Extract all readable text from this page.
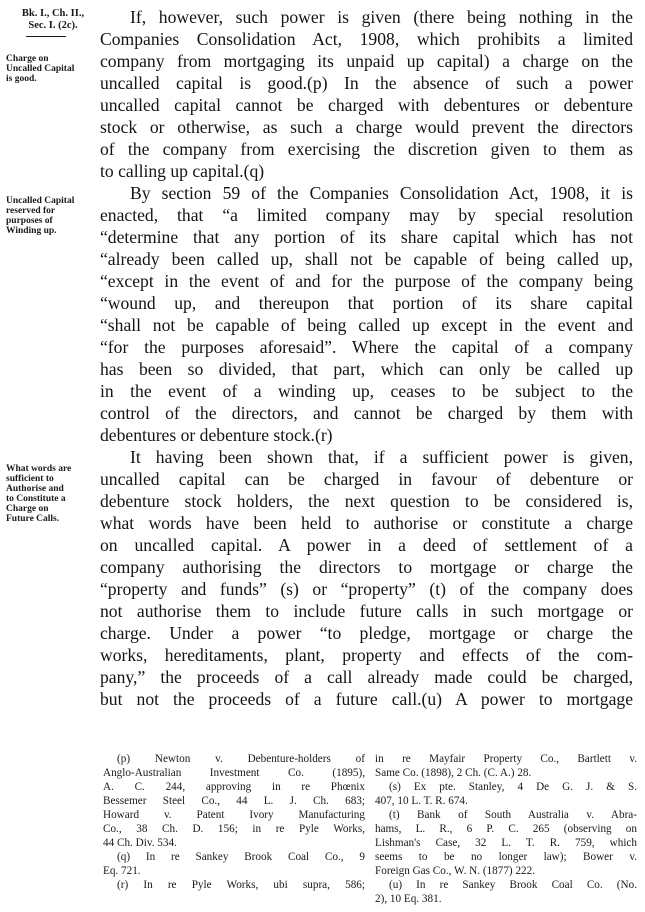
Bk. I., Ch. II.,
Sec. I. (2c).
Charge on
Uncalled Capital
is good.
Uncalled Capital
reserved for
purposes of
Winding up.
What words are
sufficient to
Authorise and
to Constitute a
Charge on
Future Calls.
If, however, such power is given (there being nothing in the
Companies Consolidation Act, 1908, which prohibits a limited
company from mortgaging its unpaid up capital) a charge on the
uncalled capital is good.(p) In the absence of such a power
uncalled capital cannot be charged with debentures or debenture
stock or otherwise, as such a charge would prevent the directors
of the company from exercising the discretion given to them as
to calling up capital.(q)
By section 59 of the Companies Consolidation Act, 1908, it is
enacted, that “a limited company may by special resolution
“determine that any portion of its share capital which has not
“already been called up, shall not be capable of being called up,
“except in the event of and for the purpose of the company being
“wound up, and thereupon that portion of its share capital
“shall not be capable of being called up except in the event and
“for the purposes aforesaid”. Where the capital of a company
has been so divided, that part, which can only be called up
in the event of a winding up, ceases to be subject to the
control of the directors, and cannot be charged by them with
debentures or debenture stock.(r)
It having been shown that, if a sufficient power is given,
uncalled capital can be charged in favour of debenture or
debenture stock holders, the next question to be considered is,
what words have been held to authorise or constitute a charge
on uncalled capital. A power in a deed of settlement of a
company authorising the directors to mortgage or charge the
“property and funds” (s) or “property” (t) of the company does
not authorise them to include future calls in such mortgage or
charge. Under a power “to pledge, mortgage or charge the
works, hereditaments, plant, property and effects of the com-
pany,” the proceeds of a call already made could be charged,
but not the proceeds of a future call.(u) A power to mortgage
(p) Newton v. Debenture-holders of
Anglo-Australian Investment Co. (1895),
A. C. 244, approving in re Phœnix
Bessemer Steel Co., 44 L. J. Ch. 683;
Howard v. Patent Ivory Manufacturing
Co., 38 Ch. D. 156; in re Pyle Works,
44 Ch. Div. 534.
(q) In re Sankey Brook Coal Co., 9
Eq. 721.
(r) In re Pyle Works, ubi supra, 586;
in re Mayfair Property Co., Bartlett v.
Same Co. (1898), 2 Ch. (C. A.) 28.
(s) Ex pte. Stanley, 4 De G. J. & S.
407, 10 L. T. R. 674.
(t) Bank of South Australia v. Abra-
hams, L. R., 6 P. C. 265 (observing on
Lishman's Case, 32 L. T. R. 759, which
seems to be no longer law); Bower v.
Foreign Gas Co., W. N. (1877) 222.
(u) In re Sankey Brook Coal Co. (No.
2), 10 Eq. 381.
